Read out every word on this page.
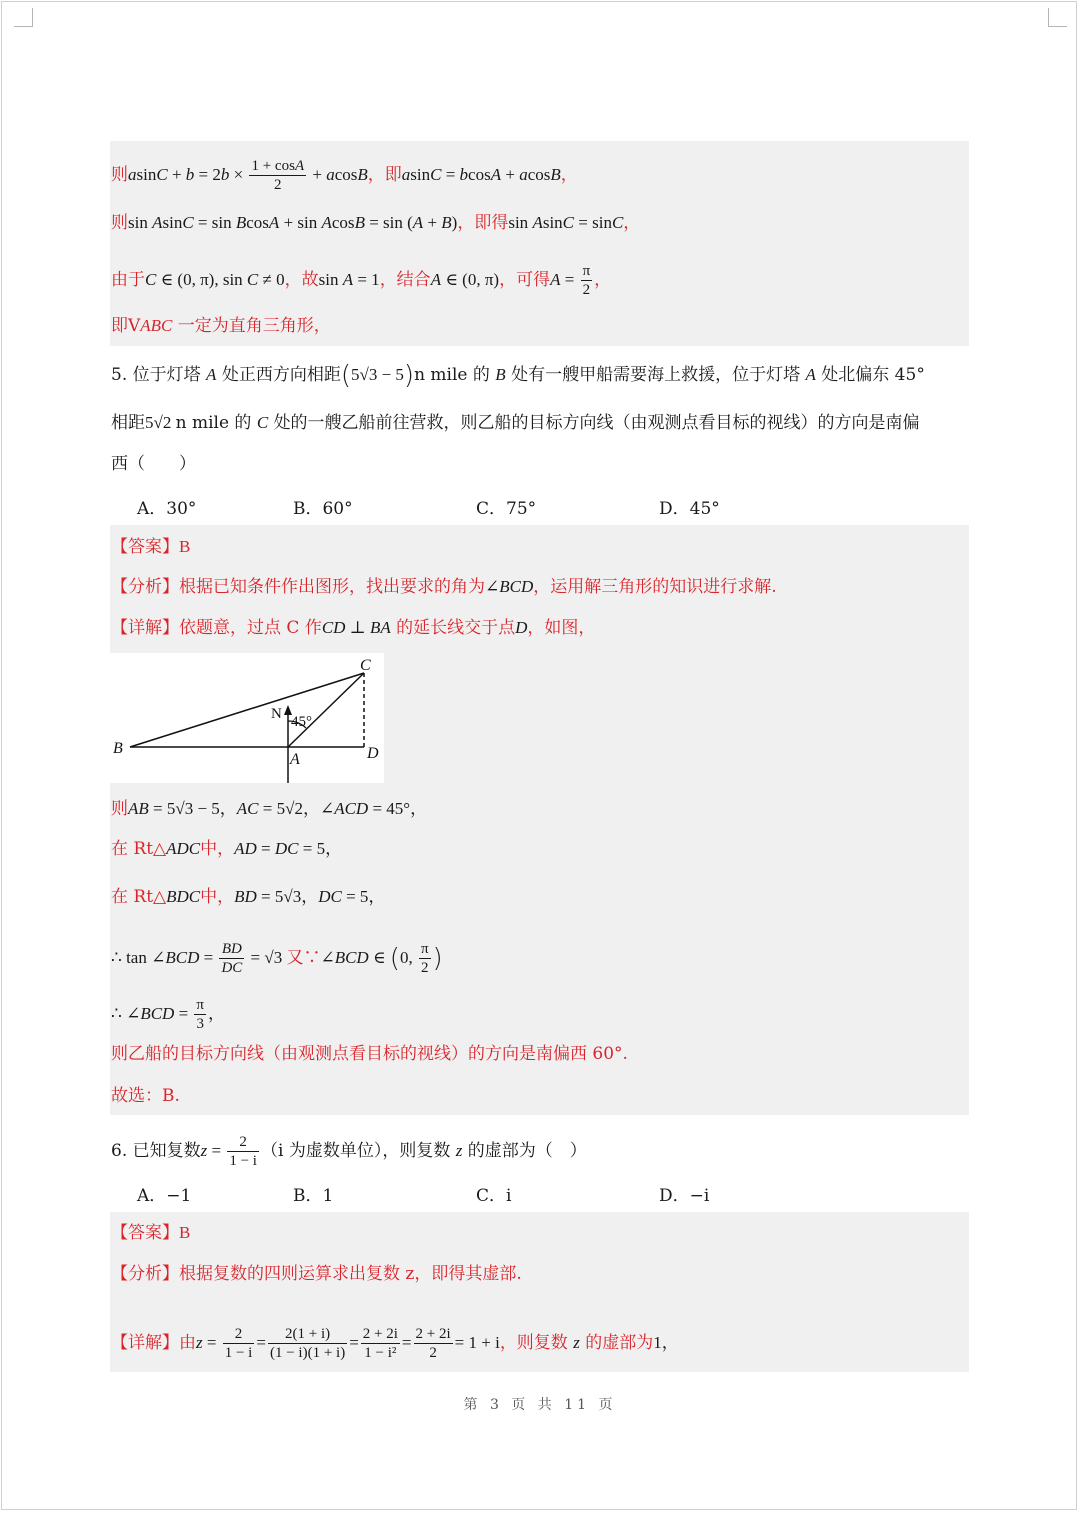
则$asinC + b = 2b \times \frac{1 + \cos A}{2} + acosB$，即asinC = bcosA + acosB，
则sin AsinC = sin BcosA + sin AcosB = sin (A + B)，即得sin AsinC = sinC，
由于C ∈ (0, π), sin C ≠ 0，故sin A = 1，结合A ∈ (0, π)，可得$A = \frac{\pi}{2}$ ，
即VABC 一定为直角三角形，
5. 位于灯塔 A 处正西方向相距(5√3 − 5)n mile 的 B 处有一艘甲船需要海上救援，位于灯塔 A 处北偏东 45°
相距5√2 n mile 的 C 处的一艘乙船前往营救，则乙船的目标方向线（由观测点看目标的视线）的方向是南偏
西（　　）
A．30°	B．60°	C．75°	D．45°
【答案】B
【分析】根据已知条件作出图形，找出要求的角为∠BCD，运用解三角形的知识进行求解.
【详解】依题意，过点 C 作CD ⊥ BA 的延长线交于点D，如图，
B
A
C
D
N 45°
则AB = 5√3 − 5，AC = 5√2，∠ACD = 45°，
在 Rt△ADC中，AD = DC = 5，
在 Rt△BDC中，BD = 5√3，DC = 5，
∴ tan ∠BCD = $\frac{BD}{DC} = √3$ 又∵∠BCD ∈ (0, $\frac{\pi}{2}$ )
∴ ∠BCD = $\frac{\pi}{3}$ ，
则乙船的目标方向线（由观测点看目标的视线）的方向是南偏西 60°.
故选：B.
6. 已知复数$z = \frac{2}{1 - i} (i$ 为虚数单位），则复数 z 的虚部为（　）
A．−1	B．1	C．i	D．−i
【答案】B
【分析】根据复数的四则运算求出复数 z，即得其虚部.
【详解】由$z = \frac{2}{1 - i} = \frac{2(1 + i)}{(1 - i)(1 + i)} = \frac{2 + 2i}{\text{1 − i²}} = \frac{2 + 2i}{2} = 1 + i$，则复数 z 的虚部为1，
第 3 页 共 11 页
